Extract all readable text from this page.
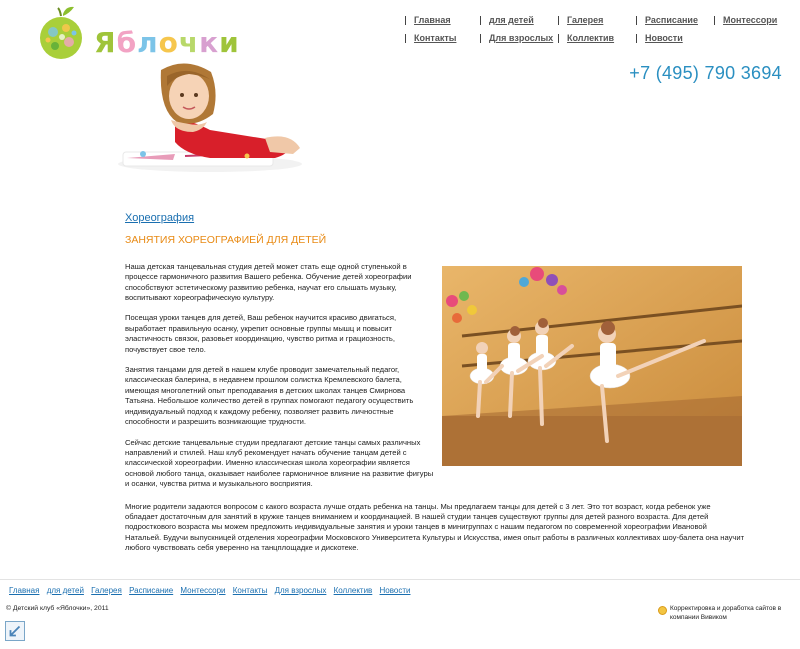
Яблочки
Главная	для детей	Галерея	Расписание	Монтессори
Контакты	Для взрослых Коллектив	Новости
+7 (495) 790 3694
Хореография
ЗАНЯТИЯ ХОРЕОГРАФИЕЙ ДЛЯ ДЕТЕЙ

Наша детская танцевальная студия детей может стать еще одной ступенькой в процессе гармоничного развития Вашего ребенка. Обучение детей хореографии способствуют эстетическому развитию ребенка, научат его слышать музыку, воспитывают хореографическую культуру.

Посещая уроки танцев для детей, Ваш ребенок научится красиво двигаться, выработает правильную осанку, укрепит основные группы мышц и повысит эластичность связок, разовьет координацию, чувство ритма и грациозность, почувствует свое тело.

Занятия танцами для детей в нашем клубе проводит замечательный педагог, классическая балерина, в недавнем прошлом солистка Кремлевского балета, имеющая многолетний опыт преподавания в детских школах танцев Смирнова Татьяна. Небольшое количество детей в группах помогают педагогу осуществить индивидуальный подход к каждому ребенку, позволяет развить личностные способности и разрешить возникающие трудности.

Сейчас детские танцевальные студии предлагают детские танцы самых различных направлений и стилей. Наш клуб рекомендует начать обучение танцам детей с классической хореографии. Именно классическая школа хореографии является основой любого танца, оказывает наиболее гармоничное влияние на развитие фигуры и осанки, чувства ритма и музыкального восприятия.

Многие родители задаются вопросом с какого возраста лучше отдать ребенка на танцы. Мы предлагаем танцы для детей с 3 лет. Это тот возраст, когда ребенок уже обладает достаточным для занятий в кружке танцев вниманием и координацией. В нашей студии танцев существуют группы для детей разного возраста. Для детей подросткового возраста мы можем предложить индивидуальные занятия и уроки танцев в минигруппах с нашим педагогом по современной хореографии Ивановой Натальей. Будучи выпускницей отделения хореографии Московского Университета Культуры и Искусства, имея опыт работы в различных коллективах шоу-балета она научит любого чувствовать себя уверенно на танцплощадке и дискотеке.

Главная для детей Галерея Расписание Монтессори Контакты Для взрослых Коллектив Новости
© Детский клуб «Яблочки», 2011	Корректировка и доработка сайтов в компании Вивиком
